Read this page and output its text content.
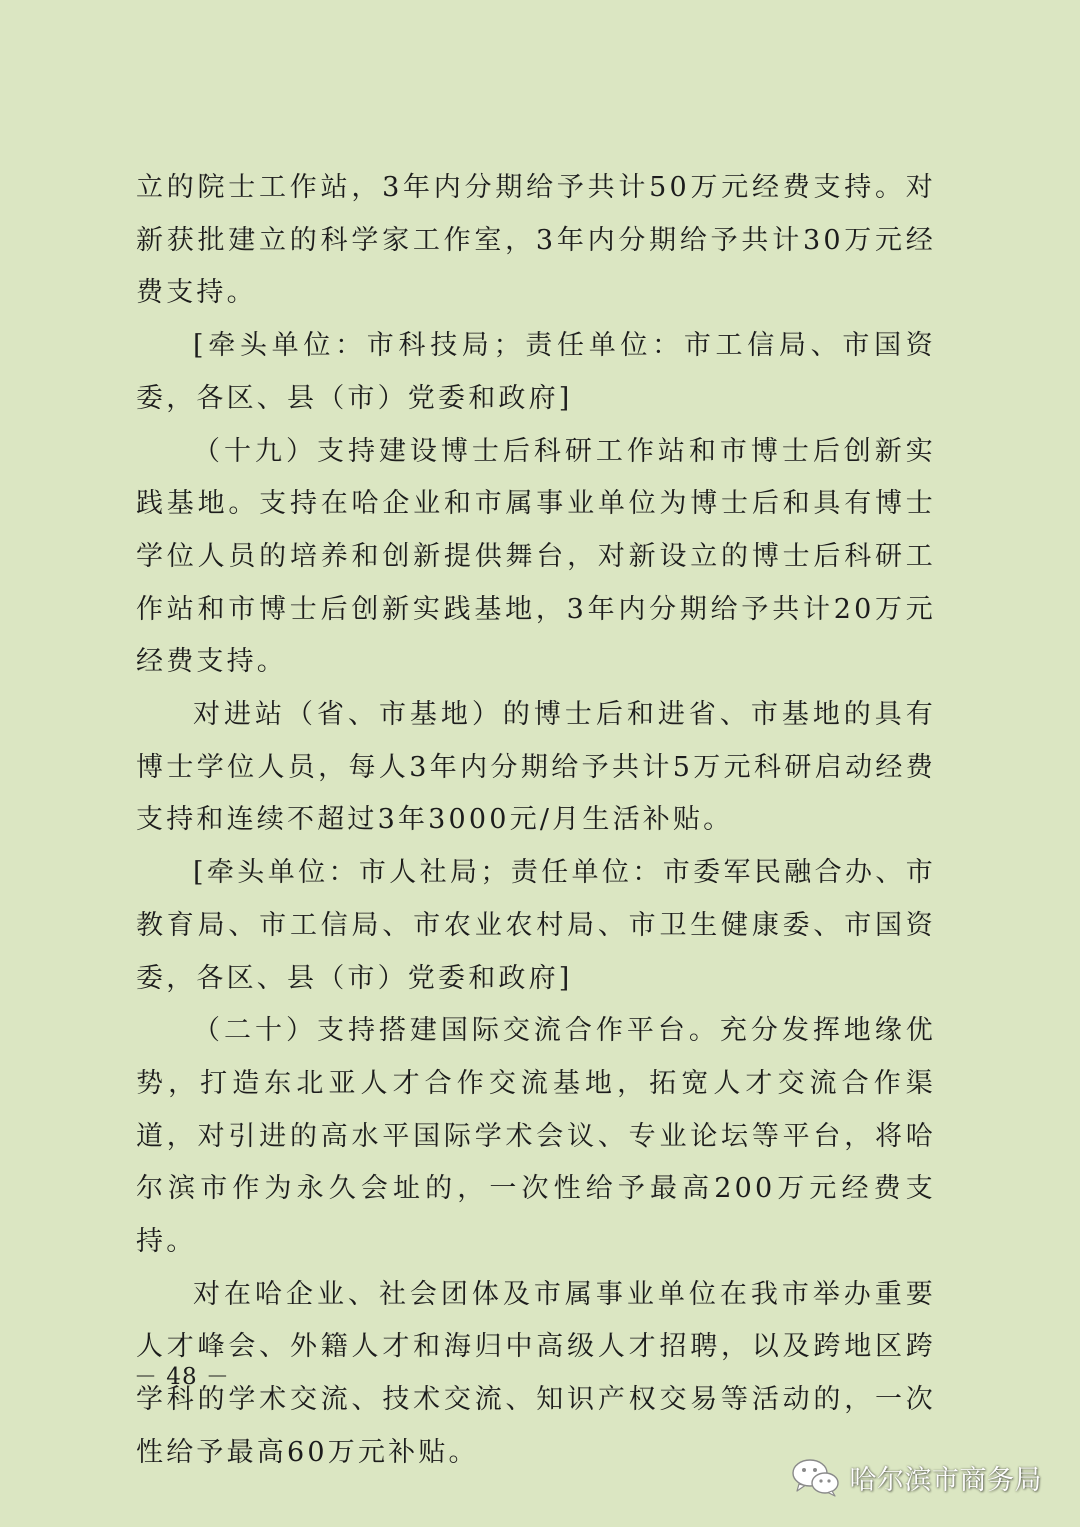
立的院士工作站，3年内分期给予共计50万元经费支持。对新获批建立的科学家工作室，3年内分期给予共计30万元经费支持。

[牵头单位：市科技局；责任单位：市工信局、市国资委，各区、县（市）党委和政府]

（十九）支持建设博士后科研工作站和市博士后创新实践基地。支持在哈企业和市属事业单位为博士后和具有博士学位人员的培养和创新提供舞台，对新设立的博士后科研工作站和市博士后创新实践基地，3年内分期给予共计20万元经费支持。

对进站（省、市基地）的博士后和进省、市基地的具有博士学位人员，每人3年内分期给予共计5万元科研启动经费支持和连续不超过3年3000元/月生活补贴。

[牵头单位：市人社局；责任单位：市委军民融合办、市教育局、市工信局、市农业农村局、市卫生健康委、市国资委，各区、县（市）党委和政府]

（二十）支持搭建国际交流合作平台。充分发挥地缘优势，打造东北亚人才合作交流基地，拓宽人才交流合作渠道，对引进的高水平国际学术会议、专业论坛等平台，将哈尔滨市作为永久会址的，一次性给予最高200万元经费支持。

对在哈企业、社会团体及市属事业单位在我市举办重要人才峰会、外籍人才和海归中高级人才招聘，以及跨地区跨学科的学术交流、技术交流、知识产权交易等活动的，一次性给予最高60万元补贴。

－ 48 －
哈尔滨市商务局
